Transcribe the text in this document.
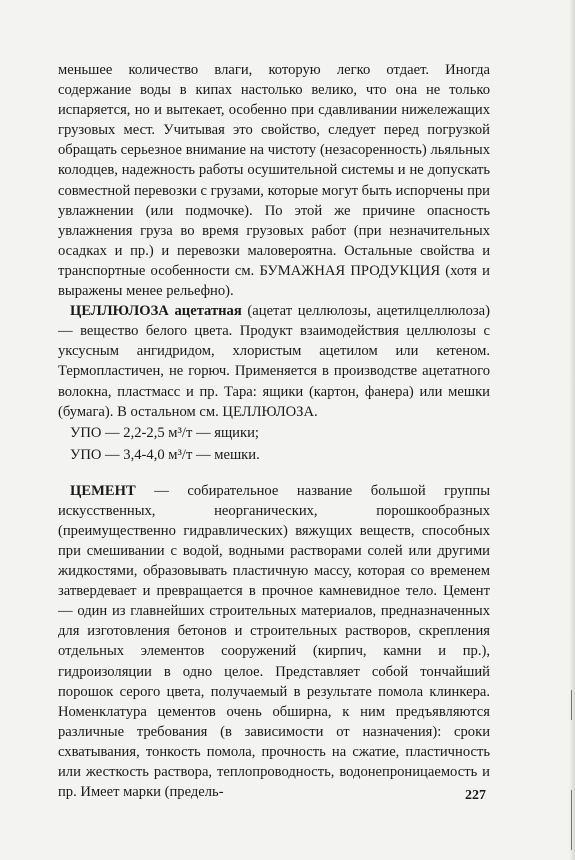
меньшее количество влаги, которую легко отдает. Иногда содержание воды в кипах настолько велико, что она не только испаряется, но и вытекает, особенно при сдавливании нижележащих грузовых мест. Учитывая это свойство, следует перед погрузкой обращать серьезное внимание на чистоту (незасоренность) льяльных колодцев, надежность работы осушительной системы и не допускать совместной перевозки с грузами, которые могут быть испорчены при увлажнении (или подмочке). По этой же причине опасность увлажнения груза во время грузовых работ (при незначительных осадках и пр.) и перевозки маловероятна. Остальные свойства и транспортные особенности см. БУМАЖНАЯ ПРОДУКЦИЯ (хотя и выражены менее рельефно).

ЦЕЛЛЮЛОЗА ацетатная (ацетат целлюлозы, ацетилцеллюлоза) — вещество белого цвета. Продукт взаимодействия целлюлозы с уксусным ангидридом, хлористым ацетилом или кетеном. Термопластичен, не горюч. Применяется в производстве ацетатного волокна, пластмасс и пр. Тара: ящики (картон, фанера) или мешки (бумага). В остальном см. ЦЕЛЛЮЛОЗА.

УПО — 2,2-2,5 м³/т — ящики;

УПО — 3,4-4,0 м³/т — мешки.

ЦЕМЕНТ — собирательное название большой группы искусственных, неорганических, порошкообразных (преимущественно гидравлических) вяжущих веществ, способных при смешивании с водой, водными растворами солей или другими жидкостями, образовывать пластичную массу, которая со временем затвердевает и превращается в прочное камневидное тело. Цемент — один из главнейших строительных материалов, предназначенных для изготовления бетонов и строительных растворов, скрепления отдельных элементов сооружений (кирпич, камни и пр.), гидроизоляции в одно целое. Представляет собой тончайший порошок серого цвета, получаемый в результате помола клинкера. Номенклатура цементов очень обширна, к ним предъявляются различные требования (в зависимости от назначения): сроки схватывания, тонкость помола, прочность на сжатие, пластичность или жесткость раствора, теплопроводность, водонепроницаемость и пр. Имеет марки (предель-	227
